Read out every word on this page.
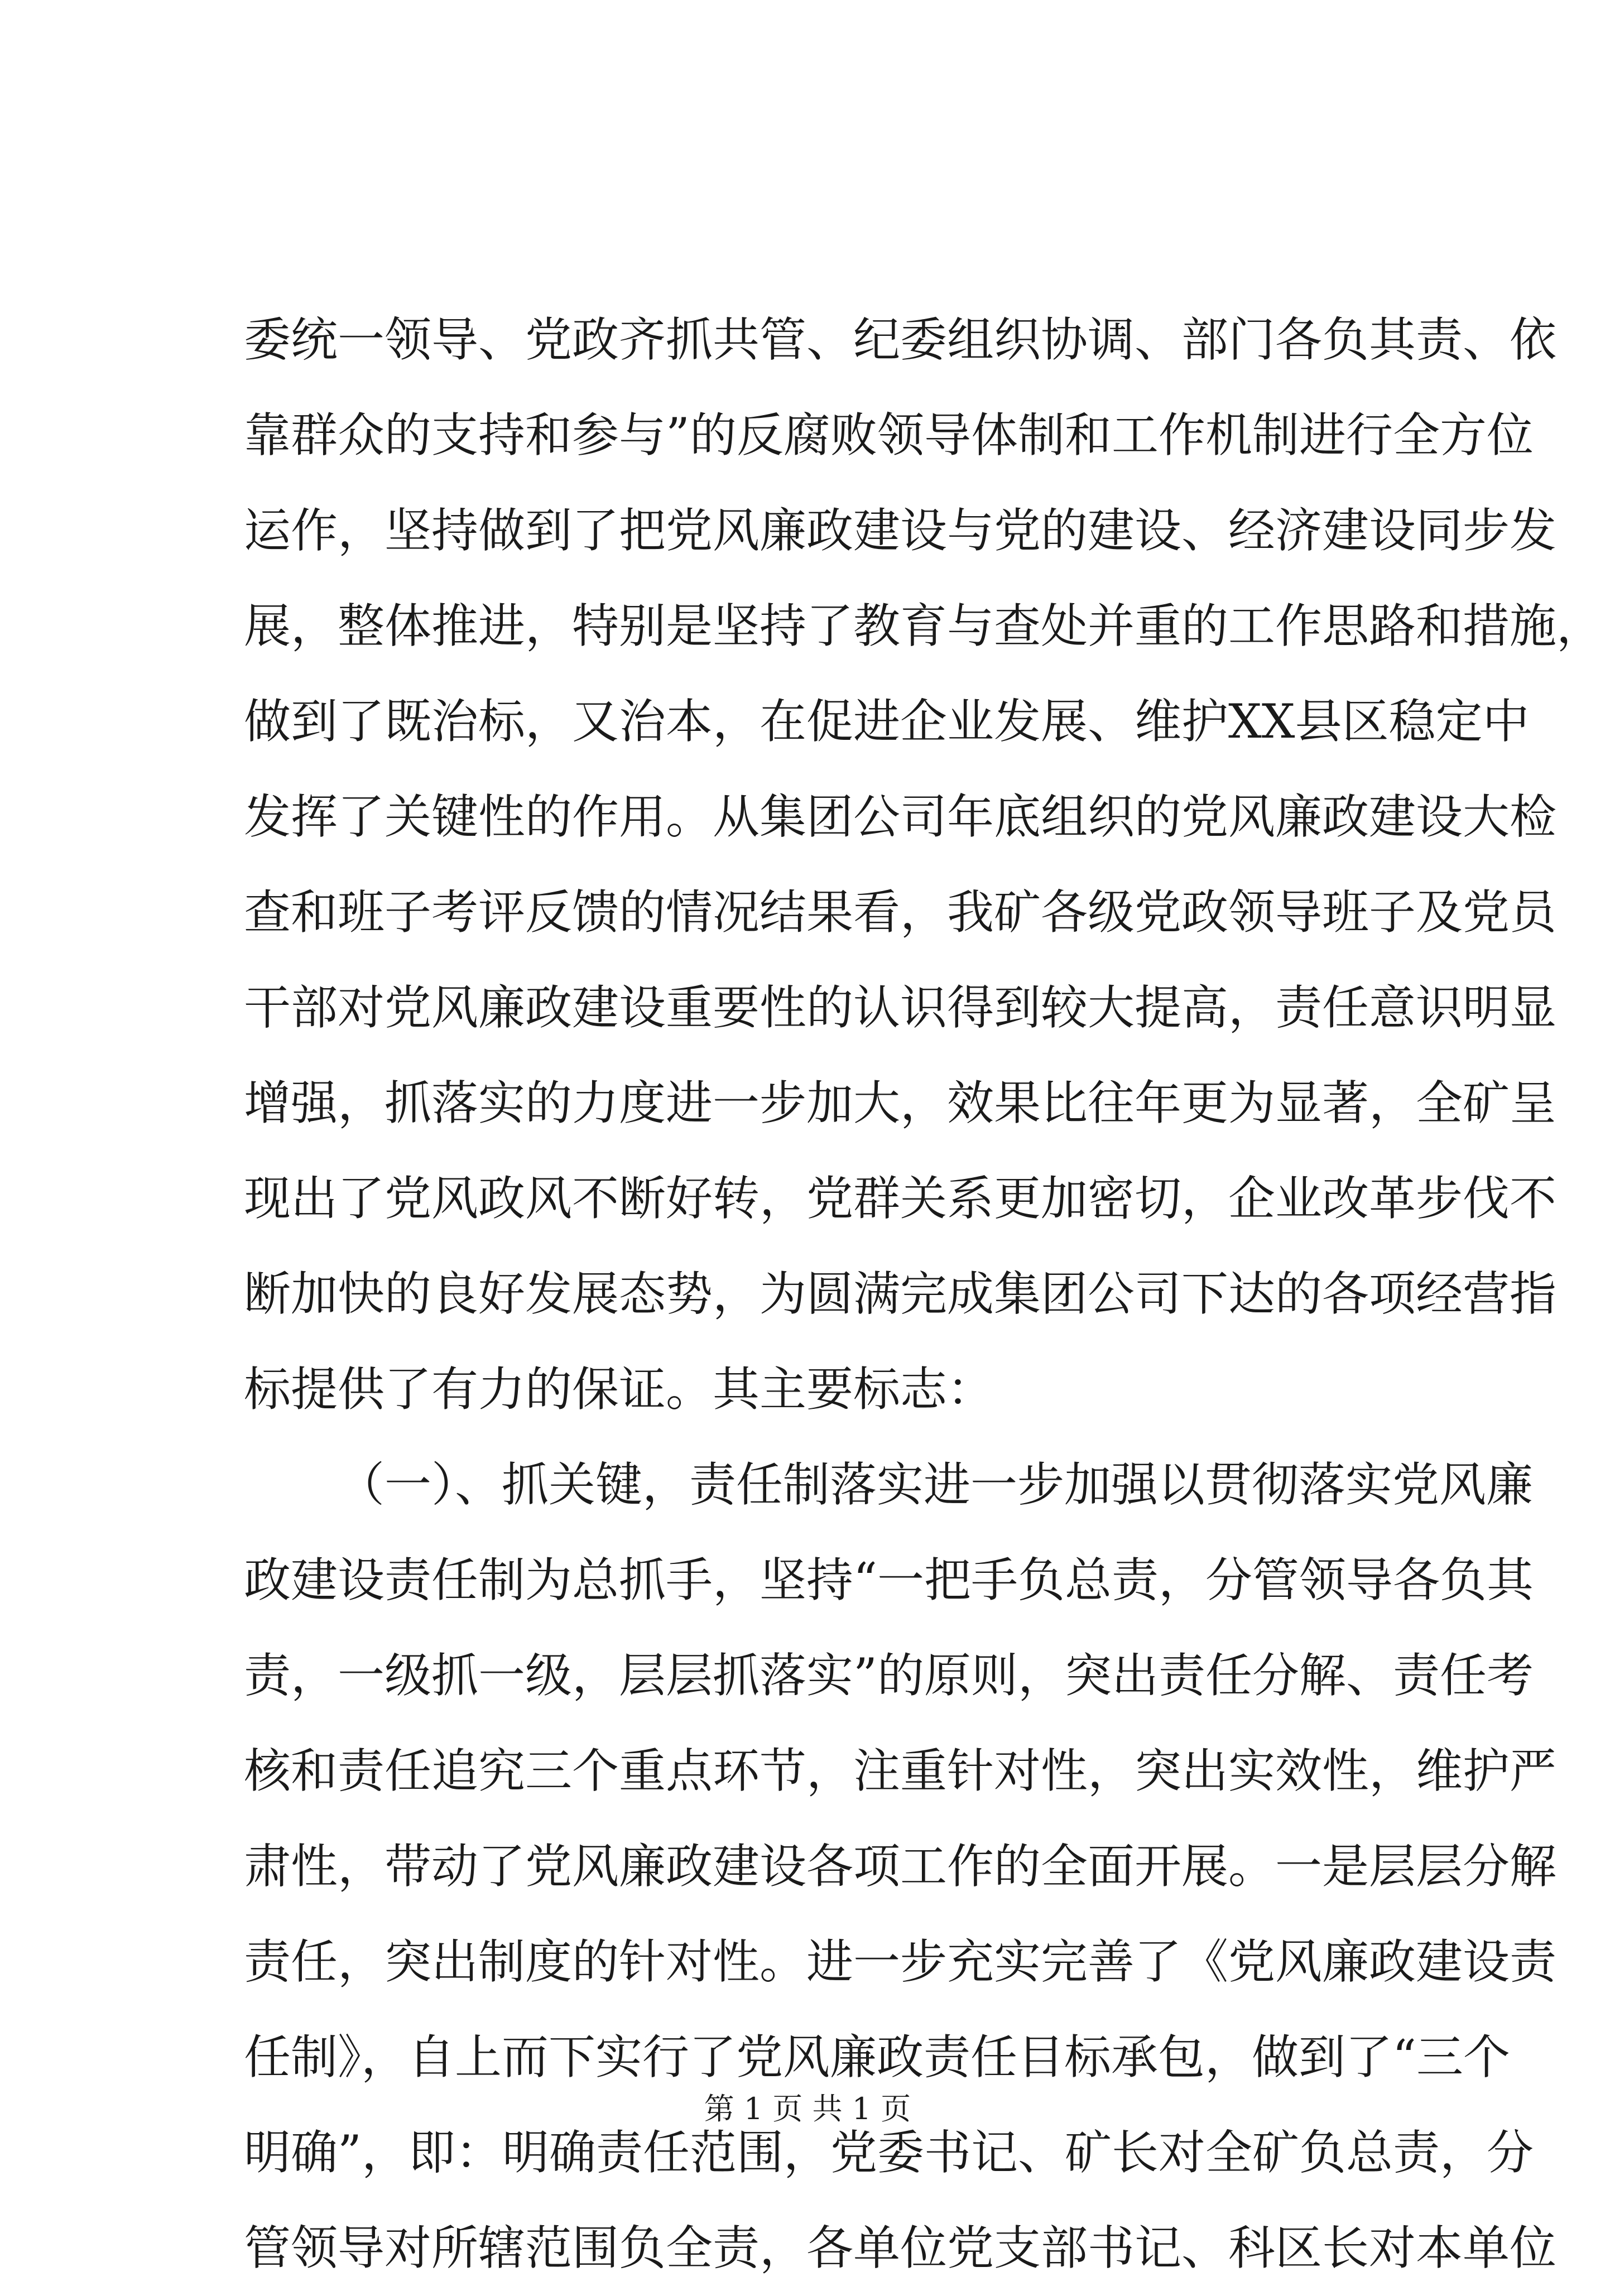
委统一领导、党政齐抓共管、纪委组织协调、部门各负其责、依
靠群众的支持和参与”的反腐败领导体制和工作机制进行全方位
运作，坚持做到了把党风廉政建设与党的建设、经济建设同步发
展，整体推进，特别是坚持了教育与查处并重的工作思路和措施，
做到了既治标，又治本，在促进企业发展、维护XX县区稳定中
发挥了关键性的作用。从集团公司年底组织的党风廉政建设大检
查和班子考评反馈的情况结果看，我矿各级党政领导班子及党员
干部对党风廉政建设重要性的认识得到较大提高，责任意识明显
增强，抓落实的力度进一步加大，效果比往年更为显著，全矿呈
现出了党风政风不断好转，党群关系更加密切，企业改革步伐不
断加快的良好发展态势，为圆满完成集团公司下达的各项经营指
标提供了有力的保证。其主要标志：
（一）、抓关键，责任制落实进一步加强以贯彻落实党风廉
政建设责任制为总抓手，坚持“一把手负总责，分管领导各负其
责，一级抓一级，层层抓落实”的原则，突出责任分解、责任考
核和责任追究三个重点环节，注重针对性，突出实效性，维护严
肃性，带动了党风廉政建设各项工作的全面开展。一是层层分解
责任，突出制度的针对性。进一步充实完善了《党风廉政建设责
任制》，自上而下实行了党风廉政责任目标承包，做到了“三个
明确”，即：明确责任范围，党委书记、矿长对全矿负总责，分
管领导对所辖范围负全责，各单位党支部书记、科区长对本单位
第 1 页 共 1 页
